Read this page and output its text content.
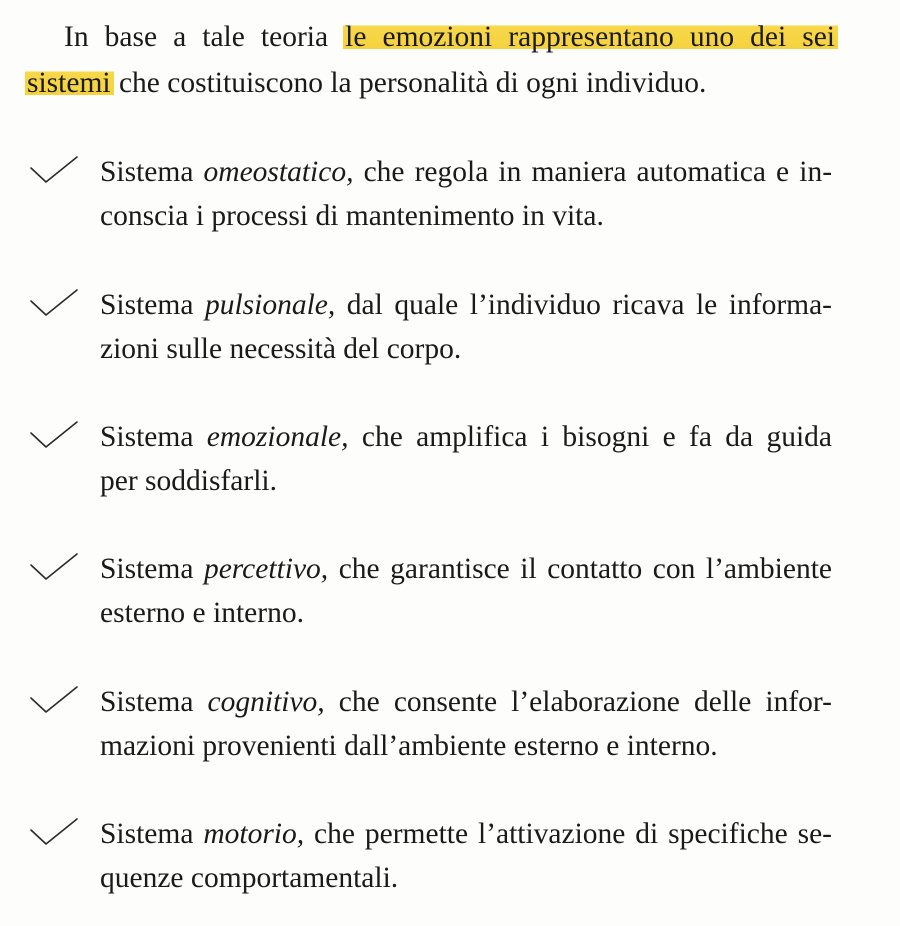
In base a tale teoria le emozioni rappresentano uno dei sei
sistemi che costituiscono la personalità di ogni individuo.

Sistema omeostatico, che regola in maniera automatica e in-
conscia i processi di mantenimento in vita.
Sistema pulsionale, dal quale l’individuo ricava le informa-
zioni sulle necessità del corpo.
Sistema emozionale, che amplifica i bisogni e fa da guida
per soddisfarli.
Sistema percettivo, che garantisce il contatto con l’ambiente
esterno e interno.
Sistema cognitivo, che consente l’elaborazione delle infor-
mazioni provenienti dall’ambiente esterno e interno.
Sistema motorio, che permette l’attivazione di specifiche se-
quenze comportamentali.
